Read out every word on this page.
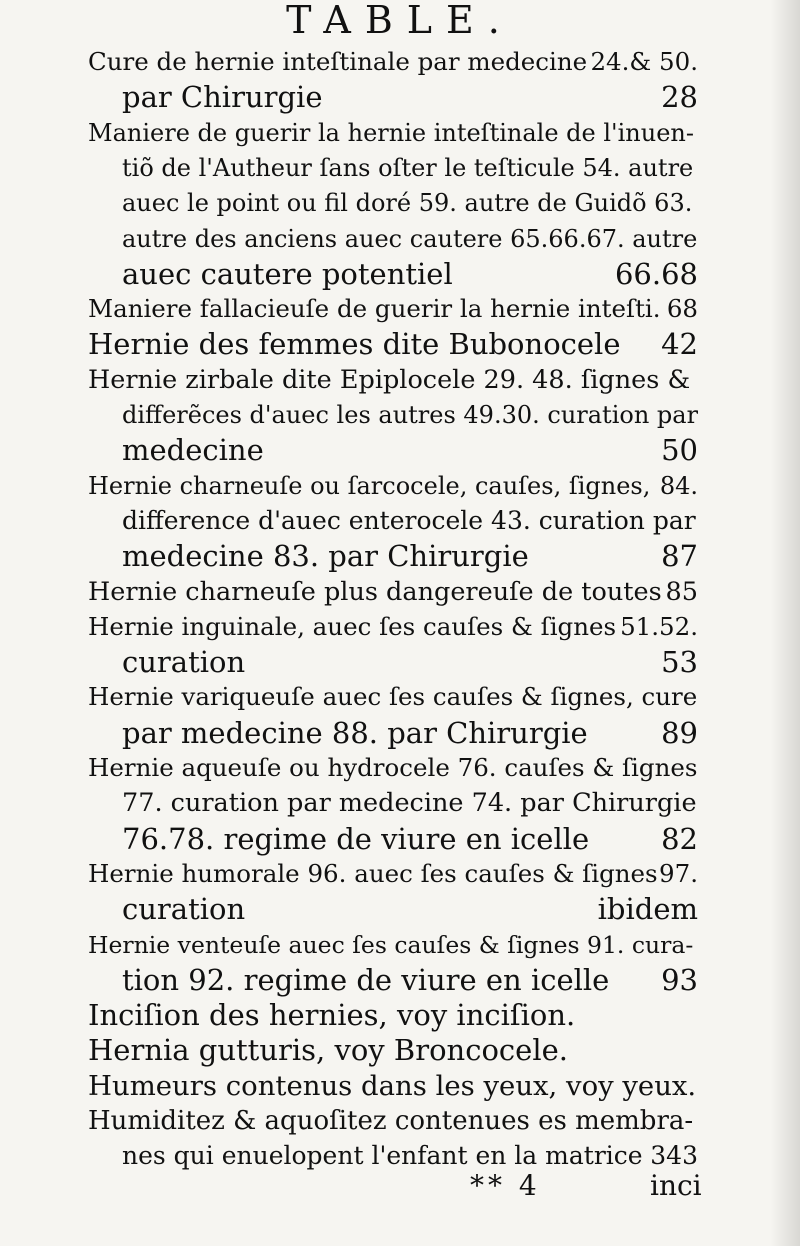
TABLE.
Cure de hernie inteſtinale par medecine 24.& 50.
par Chirurgie	28
Maniere de guerir la hernie inteſtinale de l'inuen-
tiõ de l'Autheur ſans oſter le teſticule 54. autre
auec le point ou fil doré 59. autre de Guidõ 63.
autre des anciens auec cautere 65.66.67. autre
auec cautere potentiel	66.68
Maniere fallacieuſe de guerir la hernie inteſti. 68
Hernie des femmes dite Bubonocele 42
Hernie zirbale dite Epiplocele 29. 48. ſignes &
differẽces d'auec les autres 49.30. curation par
medecine	50
Hernie charneuſe ou ſarcocele, cauſes, ſignes, 84.
difference d'auec enterocele 43. curation par
medecine 83. par Chirurgie	87
Hernie charneuſe plus dangereuſe de toutes 85
Hernie inguinale, auec ſes cauſes & ſignes 51.52.
curation	53
Hernie variqueuſe auec ſes cauſes & ſignes, cure
par medecine 88. par Chirurgie	89
Hernie aqueuſe ou hydrocele 76. cauſes & ſignes
77. curation par medecine 74. par Chirurgie
76.78. regime de viure en icelle 82
Hernie humorale 96. auec ſes cauſes & ſignes 97.
curation	ibidem
Hernie venteuſe auec ſes cauſes & ſignes 91. cura-
tion 92. regime de viure en icelle 93
Inciſion des hernies, voy inciſion.
Hernia gutturis, voy Broncocele.
Humeurs contenus dans les yeux, voy yeux.
Humiditez & aquoſitez contenues es membra-
nes qui enuelopent l'enfant en la matrice 343
** 4	inci
